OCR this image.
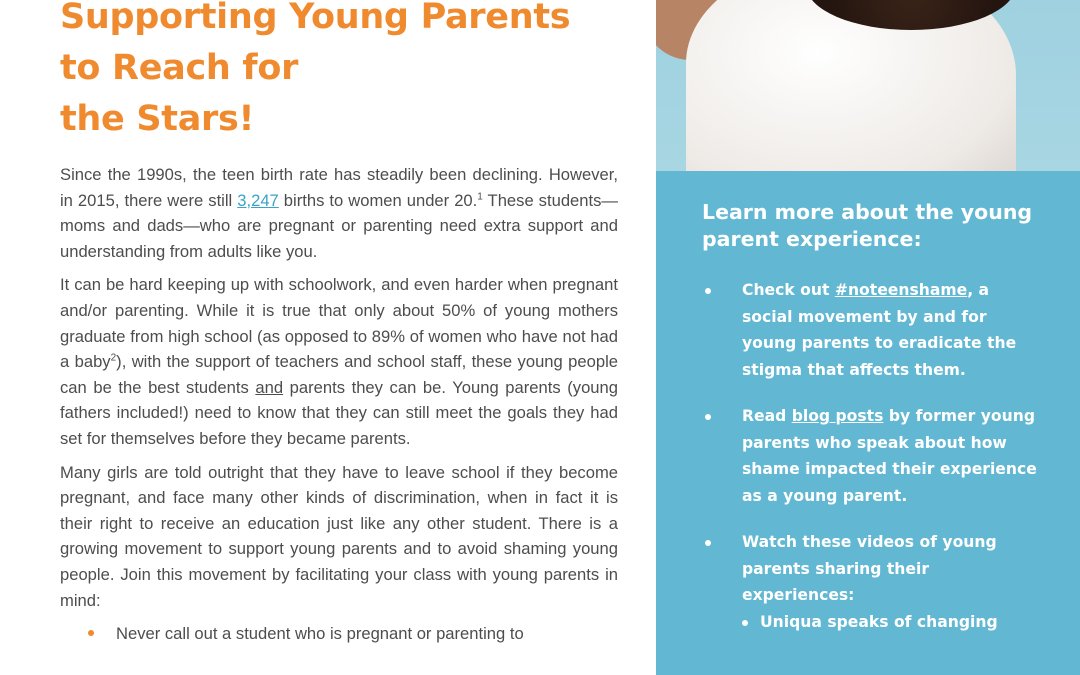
Supporting Young Parents
to Reach for
the Stars!

Since the 1990s, the teen birth rate has steadily been declining. However, in 2015, there were still 3,247 births to women under 20.$^1$ These students—moms and dads—who are pregnant or parenting need extra support and understanding from adults like you.

It can be hard keeping up with schoolwork, and even harder when pregnant and/or parenting. While it is true that only about 50% of young mothers graduate from high school (as opposed to 89% of women who have not had a baby$^2$), with the support of teachers and school staff, these young people can be the best students and parents they can be. Young parents (young fathers included!) need to know that they can still meet the goals they had set for themselves before they became parents.

Many girls are told outright that they have to leave school if they become pregnant, and face many other kinds of discrimination, when in fact it is their right to receive an education just like any other student. There is a growing movement to support young parents and to avoid shaming young people. Join this movement by facilitating your class with young parents in mind:

Never call out a student who is pregnant or parenting to
Learn more about the young parent experience:
Check out #noteenshame, a social movement by and for young parents to eradicate the stigma that affects them.
Read blog posts by former young parents who speak about how shame impacted their experience as a young parent.
Watch these videos of young parents sharing their experiences:
Uniqua speaks of changing
